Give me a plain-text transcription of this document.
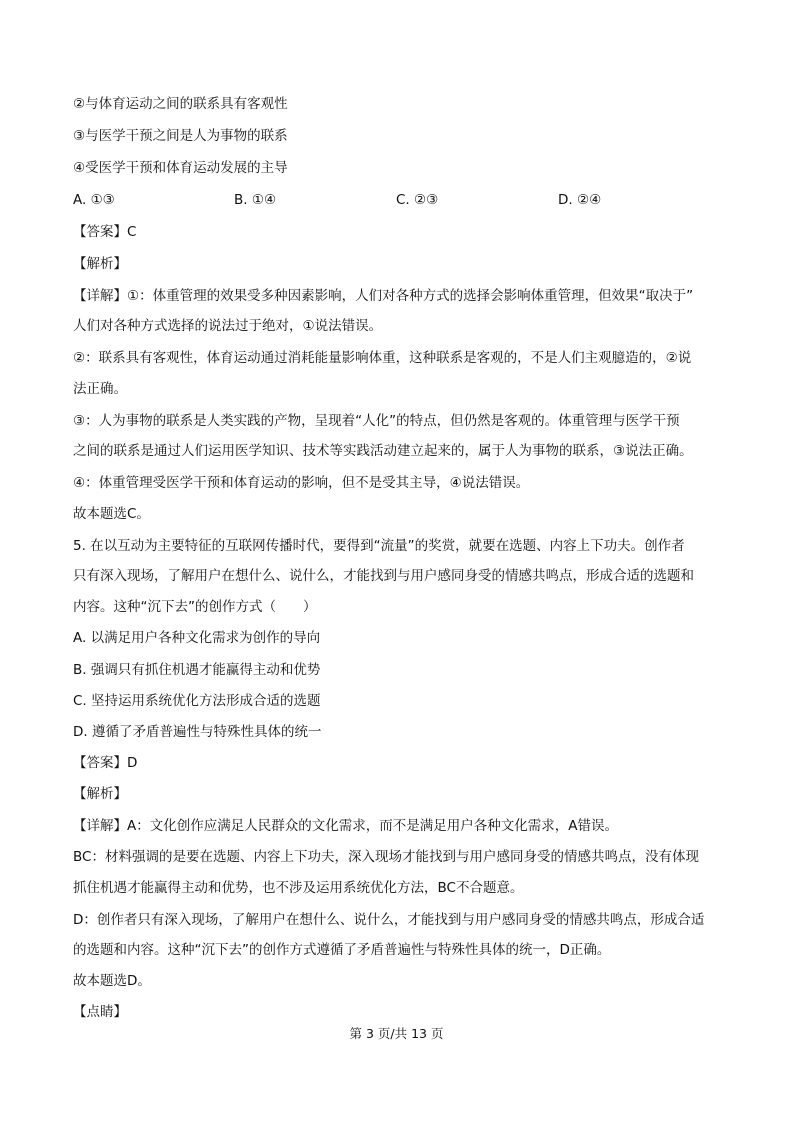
②与体育运动之间的联系具有客观性

③与医学干预之间是人为事物的联系

④受医学干预和体育运动发展的主导

A. ①③	B. ①④	C. ②③	D. ②④

【答案】C

【解析】

【详解】①：体重管理的效果受多种因素影响，人们对各种方式的选择会影响体重管理，但效果“取决于”

人们对各种方式选择的说法过于绝对，①说法错误。

②：联系具有客观性，体育运动通过消耗能量影响体重，这种联系是客观的，不是人们主观臆造的，②说

法正确。

③：人为事物的联系是人类实践的产物，呈现着“人化”的特点，但仍然是客观的。体重管理与医学干预

之间的联系是通过人们运用医学知识、技术等实践活动建立起来的，属于人为事物的联系，③说法正确。

④：体重管理受医学干预和体育运动的影响，但不是受其主导，④说法错误。

故本题选C。

5. 在以互动为主要特征的互联网传播时代，要得到“流量”的奖赏，就要在选题、内容上下功夫。创作者

只有深入现场，了解用户在想什么、说什么，才能找到与用户感同身受的情感共鸣点，形成合适的选题和

内容。这种“沉下去”的创作方式（　　）

A. 以满足用户各种文化需求为创作的导向

B. 强调只有抓住机遇才能赢得主动和优势

C. 坚持运用系统优化方法形成合适的选题

D. 遵循了矛盾普遍性与特殊性具体的统一

【答案】D

【解析】

【详解】A：文化创作应满足人民群众的文化需求，而不是满足用户各种文化需求，A错误。

BC：材料强调的是要在选题、内容上下功夫，深入现场才能找到与用户感同身受的情感共鸣点，没有体现

抓住机遇才能赢得主动和优势，也不涉及运用系统优化方法，BC不合题意。

D：创作者只有深入现场，了解用户在想什么、说什么，才能找到与用户感同身受的情感共鸣点，形成合适

的选题和内容。这种“沉下去”的创作方式遵循了矛盾普遍性与特殊性具体的统一，D正确。

故本题选D。

【点睛】

第 3 页/共 13 页
